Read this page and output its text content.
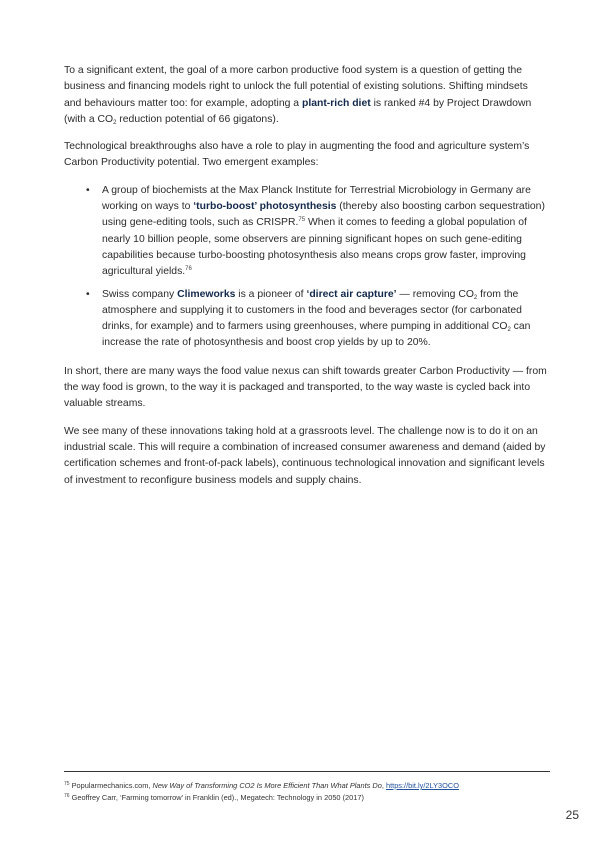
To a significant extent, the goal of a more carbon productive food system is a question of getting the business and financing models right to unlock the full potential of existing solutions. Shifting mindsets and behaviours matter too: for example, adopting a plant-rich diet is ranked #4 by Project Drawdown (with a $CO_2$ reduction potential of 66 gigatons).

Technological breakthroughs also have a role to play in augmenting the food and agriculture system’s Carbon Productivity potential. Two emergent examples:

• A group of biochemists at the Max Planck Institute for Terrestrial Microbiology in Germany are working on ways to ‘turbo-boost’ photosynthesis (thereby also boosting carbon sequestration) using gene-editing tools, such as CRISPR.$^{75}$ When it comes to feeding a global population of nearly 10 billion people, some observers are pinning significant hopes on such gene-editing capabilities because turbo-boosting photosynthesis also means crops grow faster, improving agricultural yields.$^{76}$
• Swiss company Climeworks is a pioneer of ‘direct air capture’ — removing $CO_2$ from the atmosphere and supplying it to customers in the food and beverages sector (for carbonated drinks, for example) and to farmers using greenhouses, where pumping in additional $CO_2$ can increase the rate of photosynthesis and boost crop yields by up to 20%.

In short, there are many ways the food value nexus can shift towards greater Carbon Productivity — from the way food is grown, to the way it is packaged and transported, to the way waste is cycled back into valuable streams.

We see many of these innovations taking hold at a grassroots level. The challenge now is to do it on an industrial scale. This will require a combination of increased consumer awareness and demand (aided by certification schemes and front-of-pack labels), continuous technological innovation and significant levels of investment to reconfigure business models and supply chains.

$^{75}$ Popularmechanics.com, New Way of Transforming CO2 Is More Efficient Than What Plants Do, https://bit.ly/2LY3OCO
$^{76}$ Geoffrey Carr, ‘Farming tomorrow’ in Franklin (ed)., Megatech: Technology in 2050 (2017)
25
